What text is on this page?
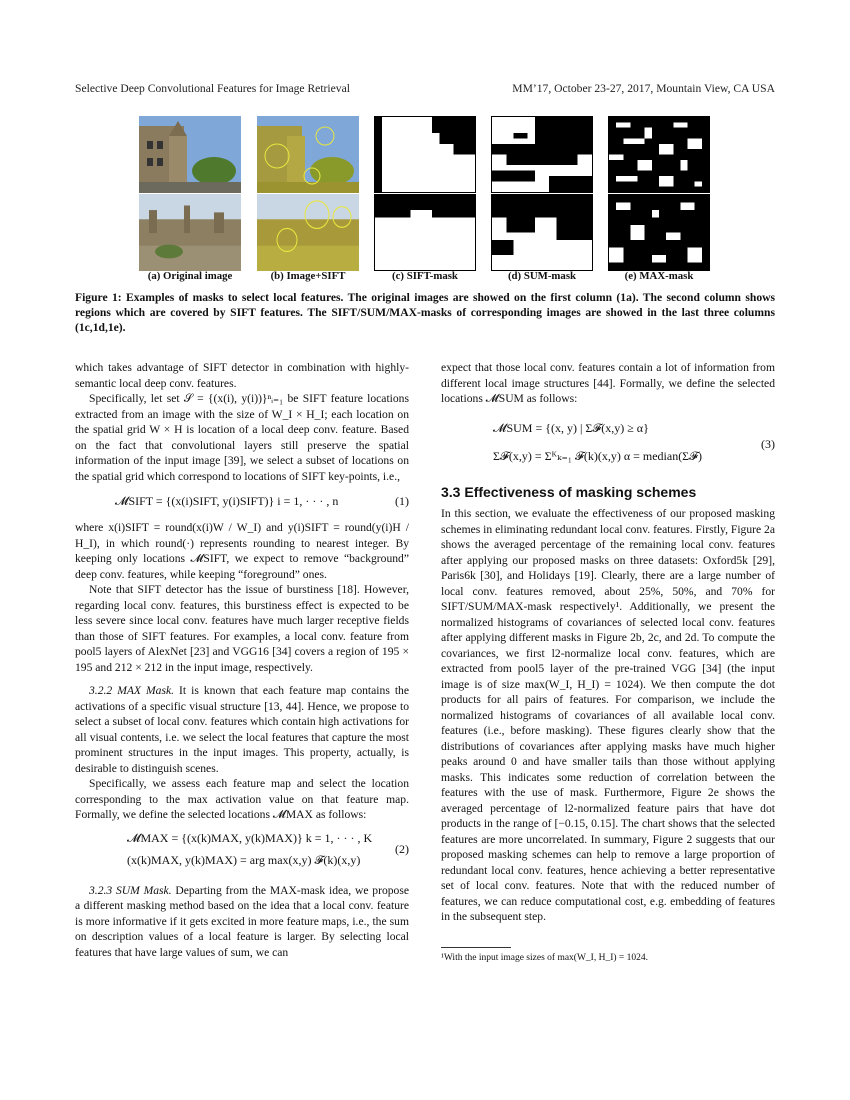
Selective Deep Convolutional Features for Image Retrieval	MM’17, October 23-27, 2017, Mountain View, CA USA
(a) Original image	(b) Image+SIFT	(c) SIFT-mask	(d) SUM-mask	(e) MAX-mask
Figure 1: Examples of masks to select local features. The original images are showed on the first column (1a). The second column shows regions which are covered by SIFT features. The SIFT/SUM/MAX-masks of corresponding images are showed in the last three columns (1c,1d,1e).

which takes advantage of SIFT detector in combination with highly-semantic local deep conv. features.

Specifically, let set 𝒮 = {(x(i), y(i))}ⁿᵢ₌₁ be SIFT feature locations extracted from an image with the size of W_I × H_I; each location on the spatial grid W × H is location of a local deep conv. feature. Based on the fact that convolutional layers still preserve the spatial information of the input image [39], we select a subset of locations on the spatial grid which correspond to locations of SIFT key-points, i.e.,

𝓜SIFT = {(x(i)SIFT, y(i)SIFT)} i = 1, · · · , n	(1)

where x(i)SIFT = round(x(i)W / W_I) and y(i)SIFT = round(y(i)H / H_I), in which round(·) represents rounding to nearest integer. By keeping only locations 𝓜SIFT, we expect to remove “background” deep conv. features, while keeping “foreground” ones.

Note that SIFT detector has the issue of burstiness [18]. However, regarding local conv. features, this burstiness effect is expected to be less severe since local conv. features have much larger receptive fields than those of SIFT features. For examples, a local conv. feature from pool5 layers of AlexNet [23] and VGG16 [34] covers a region of 195 × 195 and 212 × 212 in the input image, respectively.

3.2.2 MAX Mask. It is known that each feature map contains the activations of a specific visual structure [13, 44]. Hence, we propose to select a subset of local conv. features which contain high activations for all visual contents, i.e. we select the local features that capture the most prominent structures in the input images. This property, actually, is desirable to distinguish scenes.

Specifically, we assess each feature map and select the location corresponding to the max activation value on that feature map. Formally, we define the selected locations 𝓜MAX as follows:

𝓜MAX = {(x(k)MAX, y(k)MAX)} k = 1, · · · , K
(x(k)MAX, y(k)MAX) = arg max(x,y) 𝓕(k)(x,y)
(2)

3.2.3 SUM Mask. Departing from the MAX-mask idea, we propose a different masking method based on the idea that a local conv. feature is more informative if it gets excited in more feature maps, i.e., the sum on description values of a local feature is larger. By selecting local features that have large values of sum, we can

expect that those local conv. features contain a lot of information from different local image structures [44]. Formally, we define the selected locations 𝓜SUM as follows:

𝓜SUM = {(x, y) | Σ𝓕(x,y) ≥ α}
Σ𝓕(x,y) = Σᴷₖ₌₁ 𝓕(k)(x,y) α = median(Σ𝓕)
(3)
3.3 Effectiveness of masking schemes

In this section, we evaluate the effectiveness of our proposed masking schemes in eliminating redundant local conv. features. Firstly, Figure 2a shows the averaged percentage of the remaining local conv. features after applying our proposed masks on three datasets: Oxford5k [29], Paris6k [30], and Holidays [19]. Clearly, there are a large number of local conv. features removed, about 25%, 50%, and 70% for SIFT/SUM/MAX-mask respectively¹. Additionally, we present the normalized histograms of covariances of selected local conv. features after applying different masks in Figure 2b, 2c, and 2d. To compute the covariances, we first l2-normalize local conv. features, which are extracted from pool5 layer of the pre-trained VGG [34] (the input image is of size max(W_I, H_I) = 1024). We then compute the dot products for all pairs of features. For comparison, we include the normalized histograms of covariances of all available local conv. features (i.e., before masking). These figures clearly show that the distributions of covariances after applying masks have much higher peaks around 0 and have smaller tails than those without applying masks. This indicates some reduction of correlation between the features with the use of mask. Furthermore, Figure 2e shows the averaged percentage of l2-normalized feature pairs that have dot products in the range of [−0.15, 0.15]. The chart shows that the selected features are more uncorrelated. In summary, Figure 2 suggests that our proposed masking schemes can help to remove a large proportion of redundant local conv. features, hence achieving a better representative set of local conv. features. Note that with the reduced number of features, we can reduce computational cost, e.g. embedding of features in the subsequent step.

¹With the input image sizes of max(W_I, H_I) = 1024.
